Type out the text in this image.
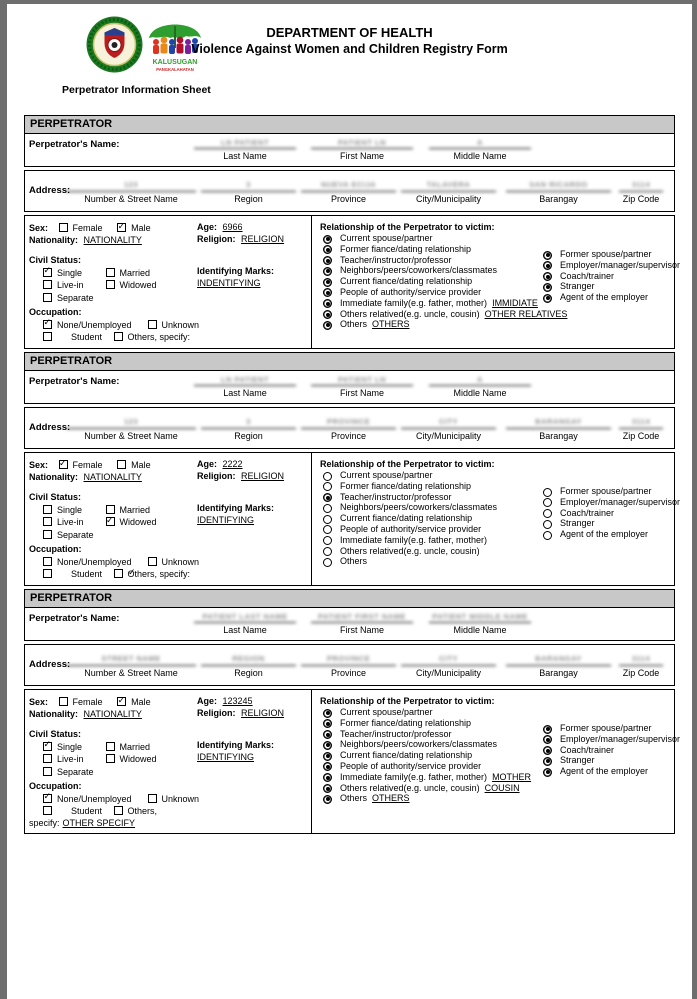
KALUSUGAN
PANGKALAHATAN
DEPARTMENT OF HEALTH
Violence Against Women and Children Registry Form
Perpetrator Information Sheet
PERPETRATOR
Perpetrator's Name:	LN PATIENT
Last Name
PATIENT LN
First Name
A
Middle Name
Address:
123
Number & Street Name
3
Region
NUEVA ECIJA
Province
TALAVERA
City/Municipality
SAN RICARDO
Barangay
3114
Zip Code
Sex:	Female ✓	Male
Nationality: NATIONALITY
Civil Status:
✓Single	Married
Live-in	Widowed
Separate
Occupation:
✓None/Unemployed	Unknown
Student	Others, specify:
Age: 6966
Religion: RELIGION
Identifying Marks:
INDENTIFYING
Relationship of the Perpetrator to victim:
Current spouse/partner
Former fiance/dating relationship
Teacher/instructor/professor
Neighbors/peers/coworkers/classmates
Current fiance/dating relationship
People of authority/service provider
Immediate family(e.g. father, mother) IMMIDIATE
Others relatived(e.g. uncle, cousin) OTHER RELATIVES
Others OTHERS
Former spouse/partner
Employer/manager/supervisor
Coach/trainer
Stranger
Agent of the employer
PERPETRATOR
Perpetrator's Name:	LN PATIENT
Last Name
PATIENT LN
First Name
A
Middle Name
Address:
123
Number & Street Name
3
Region
PROVINCE
Province
CITY
City/Municipality
BARANGAY
Barangay
3114
Zip Code
Sex: ✓	Female	Male
Nationality: NATIONALITY
Civil Status:
Single	Married
Live-in ✓	Widowed
Separate
Occupation:
None/Unemployed	Unknown
Student ✓	Others, specify:
Age: 2222
Religion: RELIGION
Identifying Marks:
IDENTIFYING
Relationship of the Perpetrator to victim:
Current spouse/partner
Former fiance/dating relationship
Teacher/instructor/professor
Neighbors/peers/coworkers/classmates
Current fiance/dating relationship
People of authority/service provider
Immediate family(e.g. father, mother)
Others relatived(e.g. uncle, cousin)
Others
Former spouse/partner
Employer/manager/supervisor
Coach/trainer
Stranger
Agent of the employer
PERPETRATOR
Perpetrator's Name:	PATIENT LAST NAME
Last Name
PATIENT FIRST NAME
First Name
PATIENT MIDDLE NAME
Middle Name
Address:
STREET NAME
Number & Street Name
REGION
Region
PROVINCE
Province
CITY
City/Municipality
BARANGAY
Barangay
3114
Zip Code
Sex:	Female ✓	Male
Nationality: NATIONALITY
Civil Status:
✓Single	Married
Live-in	Widowed
Separate
Occupation:
✓None/Unemployed	Unknown
Student	Others, specify: OTHER SPECIFY
Age: 123245
Religion: RELIGION
Identifying Marks:
IDENTIFYING
Relationship of the Perpetrator to victim:
Current spouse/partner
Former fiance/dating relationship
Teacher/instructor/professor
Neighbors/peers/coworkers/classmates
Current fiance/dating relationship
People of authority/service provider
Immediate family(e.g. father, mother) MOTHER
Others relatived(e.g. uncle, cousin) COUSIN
Others OTHERS
Former spouse/partner
Employer/manager/supervisor
Coach/trainer
Stranger
Agent of the employer
